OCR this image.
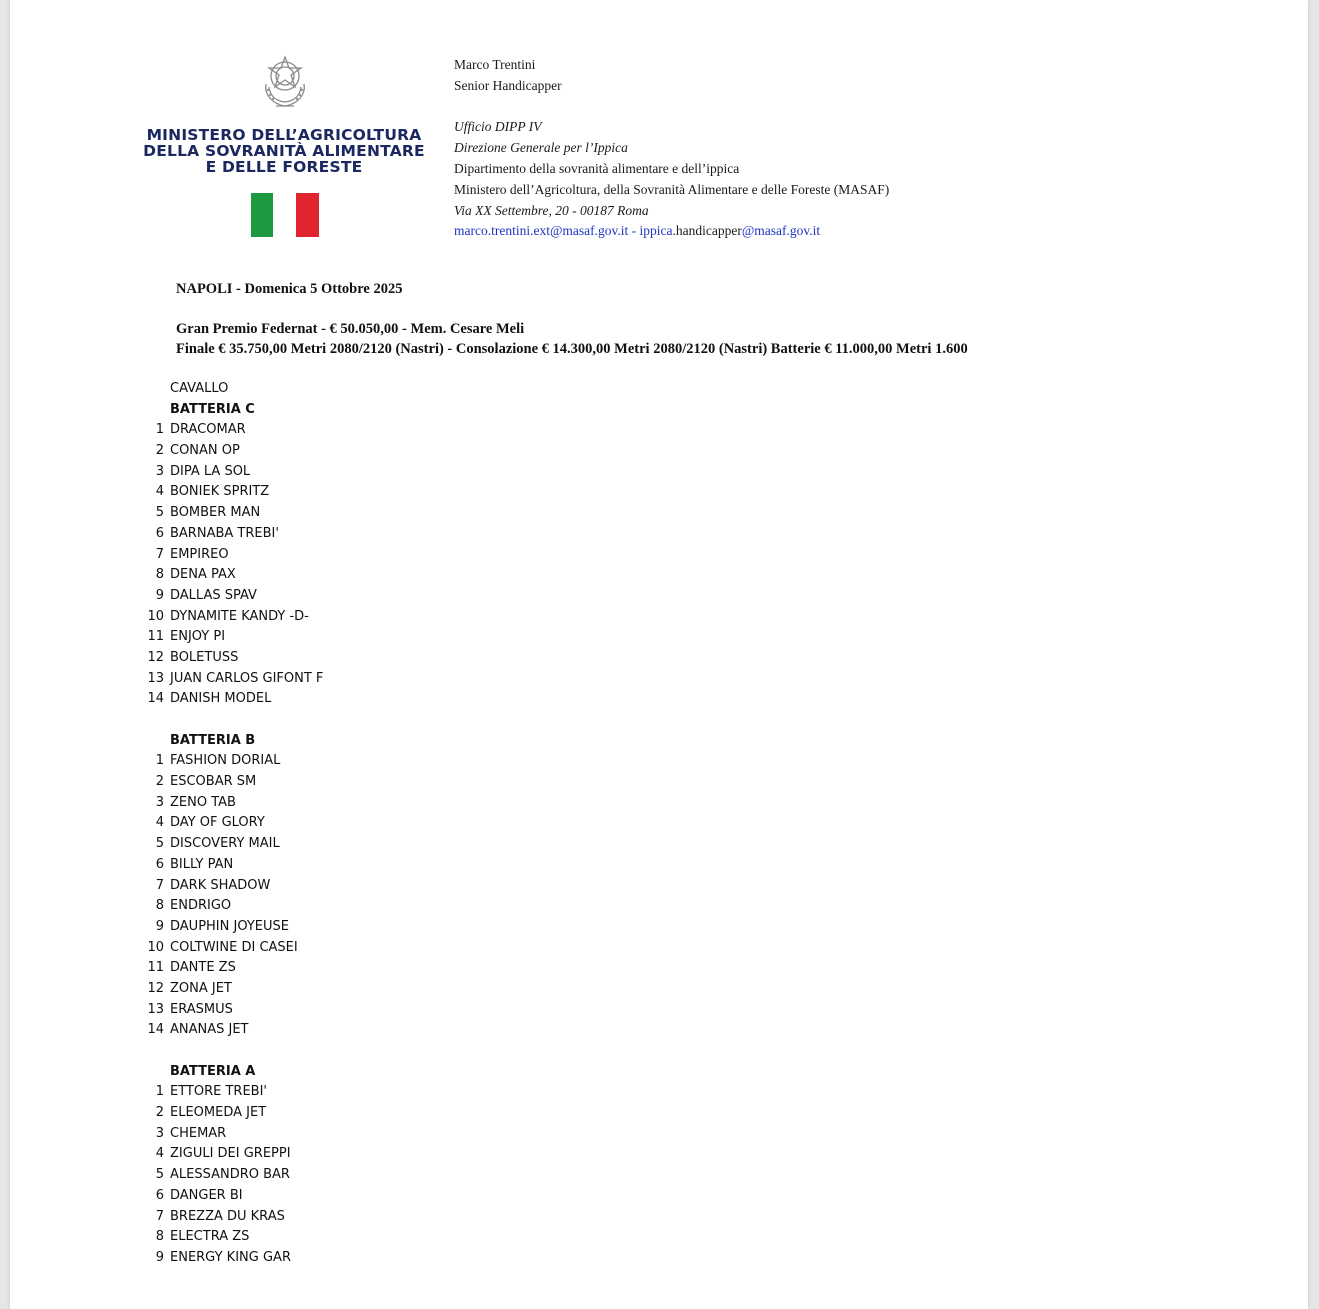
MINISTERO DELL’AGRICOLTURA
DELLA SOVRANITÀ ALIMENTARE
E DELLE FORESTE
Marco Trentini
Senior Handicapper
Ufficio DIPP IV
Direzione Generale per l’Ippica
Dipartimento della sovranità alimentare e dell’ippica
Ministero dell’Agricoltura, della Sovranità Alimentare e delle Foreste (MASAF)
Via XX Settembre, 20 - 00187 Roma
marco.trentini.ext@masaf.gov.it - ippica.handicapper@masaf.gov.it
NAPOLI - Domenica 5 Ottobre 2025
Gran Premio Federnat - € 50.050,00 - Mem. Cesare Meli
Finale € 35.750,00 Metri 2080/2120 (Nastri) - Consolazione € 14.300,00 Metri 2080/2120 (Nastri) Batterie € 11.000,00 Metri 1.600
CAVALLO
BATTERIA C
1 DRACOMAR
2 CONAN OP
3 DIPA LA SOL
4 BONIEK SPRITZ
5 BOMBER MAN
6 BARNABA TREBI'
7 EMPIREO
8 DENA PAX
9 DALLAS SPAV
10 DYNAMITE KANDY -D-
11 ENJOY PI
12 BOLETUSS
13 JUAN CARLOS GIFONT F
14 DANISH MODEL
BATTERIA B
1 FASHION DORIAL
2 ESCOBAR SM
3 ZENO TAB
4 DAY OF GLORY
5 DISCOVERY MAIL
6 BILLY PAN
7 DARK SHADOW
8 ENDRIGO
9 DAUPHIN JOYEUSE
10 COLTWINE DI CASEI
11 DANTE ZS
12 ZONA JET
13 ERASMUS
14 ANANAS JET
BATTERIA A
1 ETTORE TREBI'
2 ELEOMEDA JET
3 CHEMAR
4 ZIGULI DEI GREPPI
5 ALESSANDRO BAR
6 DANGER BI
7 BREZZA DU KRAS
8 ELECTRA ZS
9 ENERGY KING GAR
